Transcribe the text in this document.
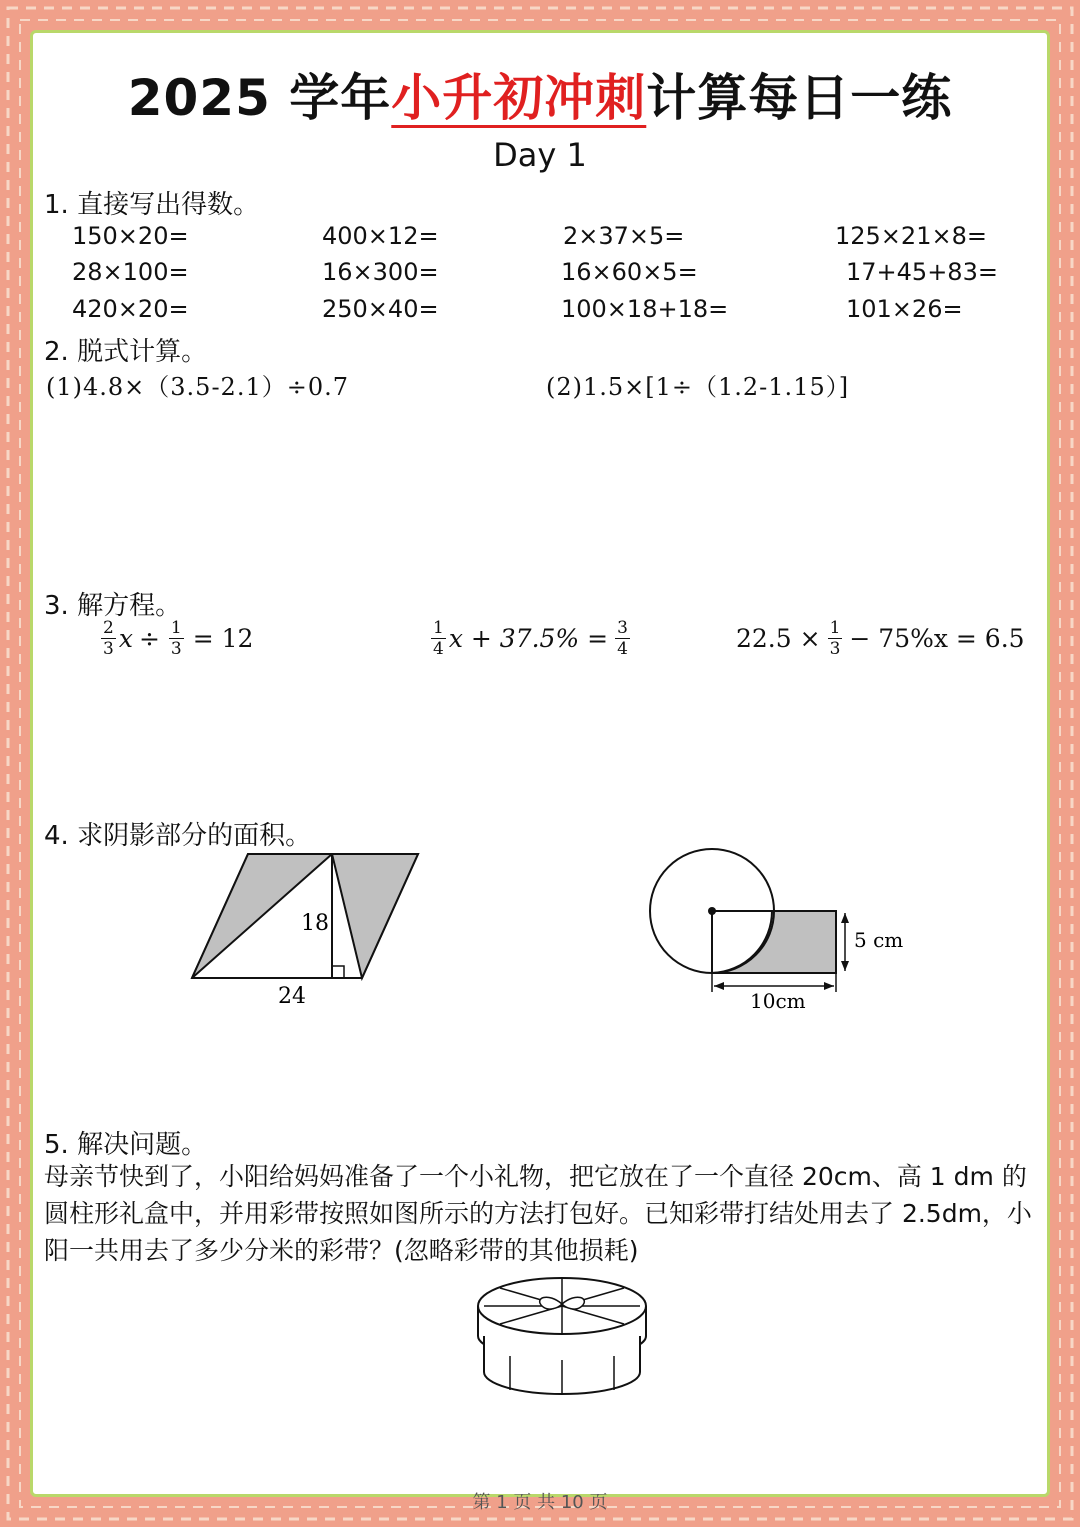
2025 学年小升初冲刺计算每日一练
Day 1
1. 直接写出得数。
150×20=	400×12=	2×37×5=	125×21×8=
28×100=	16×300=	16×60×5=	17+45+83=
420×20=	250×40=	100×18+18=	101×26=
2. 脱式计算。
(1)4.8×（3.5-2.1）÷0.7	(2)1.5×[1÷（1.2-1.15）]
3. 解方程。
$\frac{2}{3}$ $x \div \frac{1}{3} = 12$	$\frac{1}{4}$ $x + 37.5\% = \frac{3}{4}$	$22.5 \times \frac{1}{3} - 75\%x = 6.5$
4. 求阴影部分的面积。
18
24
5 cm
10cm
5. 解决问题。
母亲节快到了，小阳给妈妈准备了一个小礼物，把它放在了一个直径 20cm、高 1 dm 的圆柱形礼盒中，并用彩带按照如图所示的方法打包好。已知彩带打结处用去了 2.5dm，小阳一共用去了多少分米的彩带？(忽略彩带的其他损耗)
第 1 页 共 10 页
